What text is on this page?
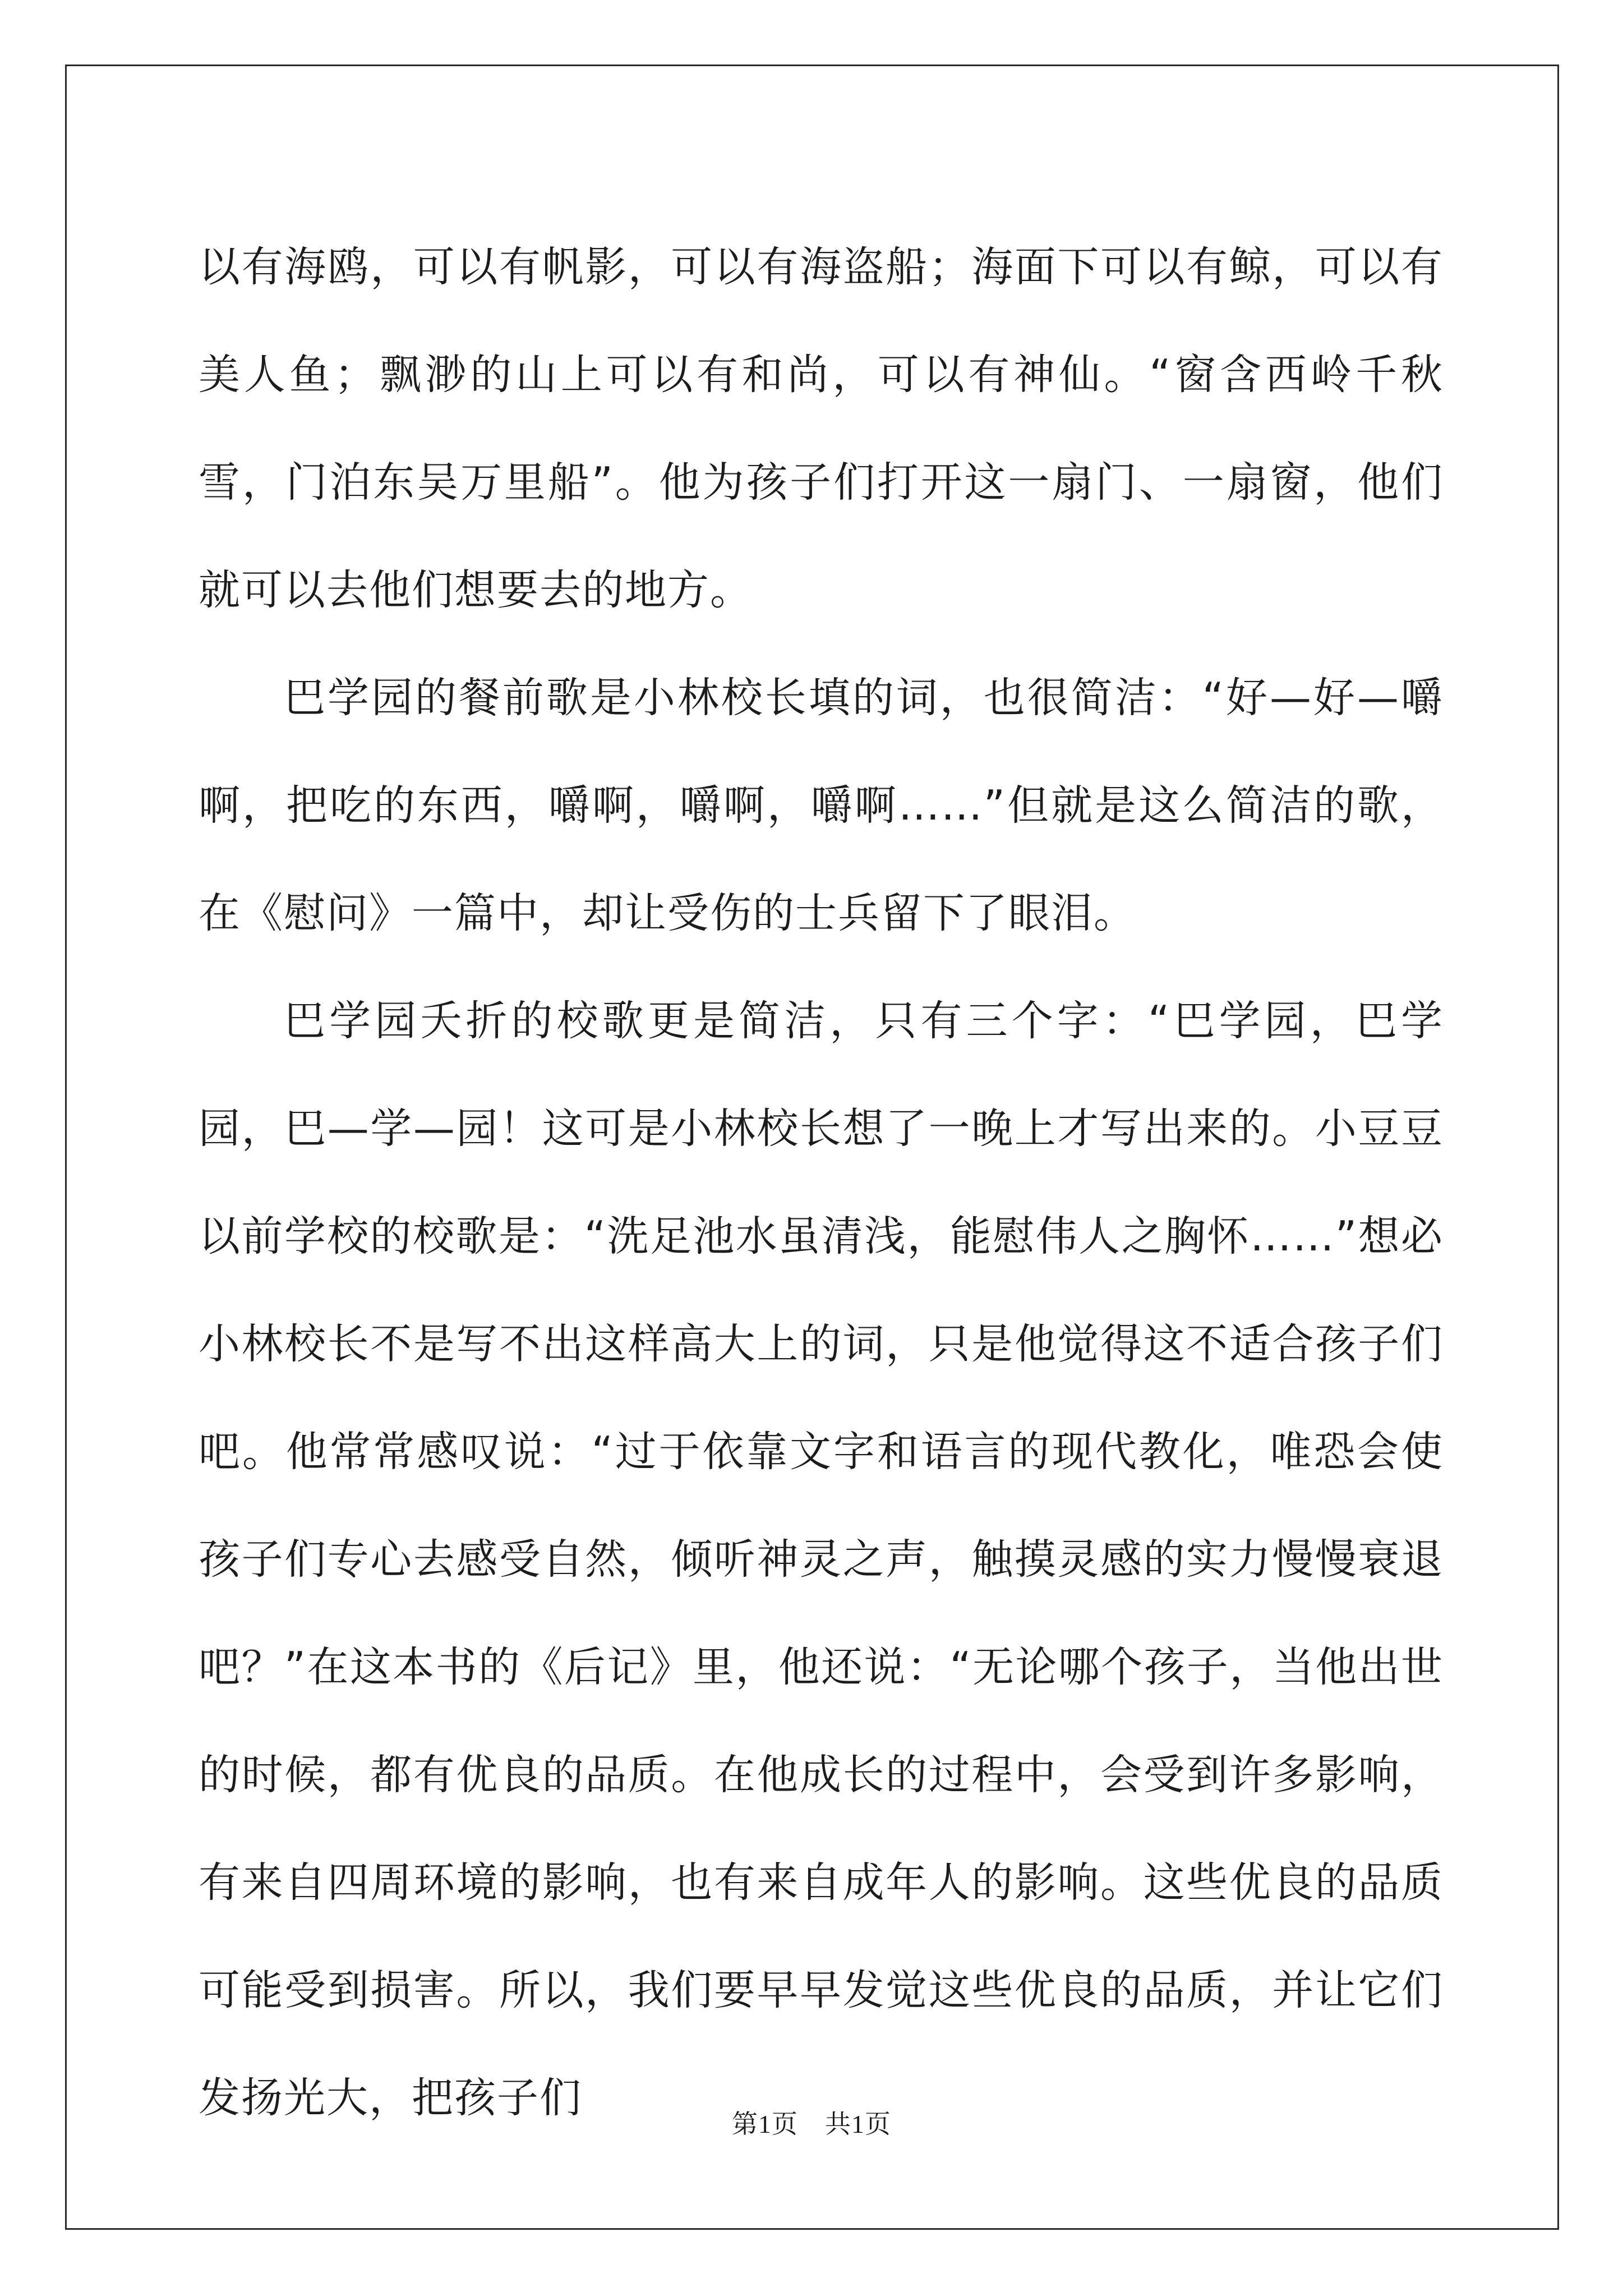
以有海鸥，可以有帆影，可以有海盗船；海面下可以有鲸，可以有美人鱼；飘渺的山上可以有和尚，可以有神仙。“窗含西岭千秋雪，门泊东吴万里船”。他为孩子们打开这一扇门、一扇窗，他们就可以去他们想要去的地方。

巴学园的餐前歌是小林校长填的词，也很简洁：“好—好—嚼啊，把吃的东西，嚼啊，嚼啊，嚼啊……”但就是这么简洁的歌，在《慰问》一篇中，却让受伤的士兵留下了眼泪。

巴学园夭折的校歌更是简洁，只有三个字：“巴学园，巴学园，巴—学—园！这可是小林校长想了一晚上才写出来的。小豆豆以前学校的校歌是：“洗足池水虽清浅，能慰伟人之胸怀……”想必小林校长不是写不出这样高大上的词，只是他觉得这不适合孩子们吧。他常常感叹说：“过于依靠文字和语言的现代教化，唯恐会使孩子们专心去感受自然，倾听神灵之声，触摸灵感的实力慢慢衰退吧？”在这本书的《后记》里，他还说：“无论哪个孩子，当他出世的时候，都有优良的品质。在他成长的过程中，会受到许多影响，有来自四周环境的影响，也有来自成年人的影响。这些优良的品质可能受到损害。所以，我们要早早发觉这些优良的品质，并让它们发扬光大，把孩子们

第1页 共1页
